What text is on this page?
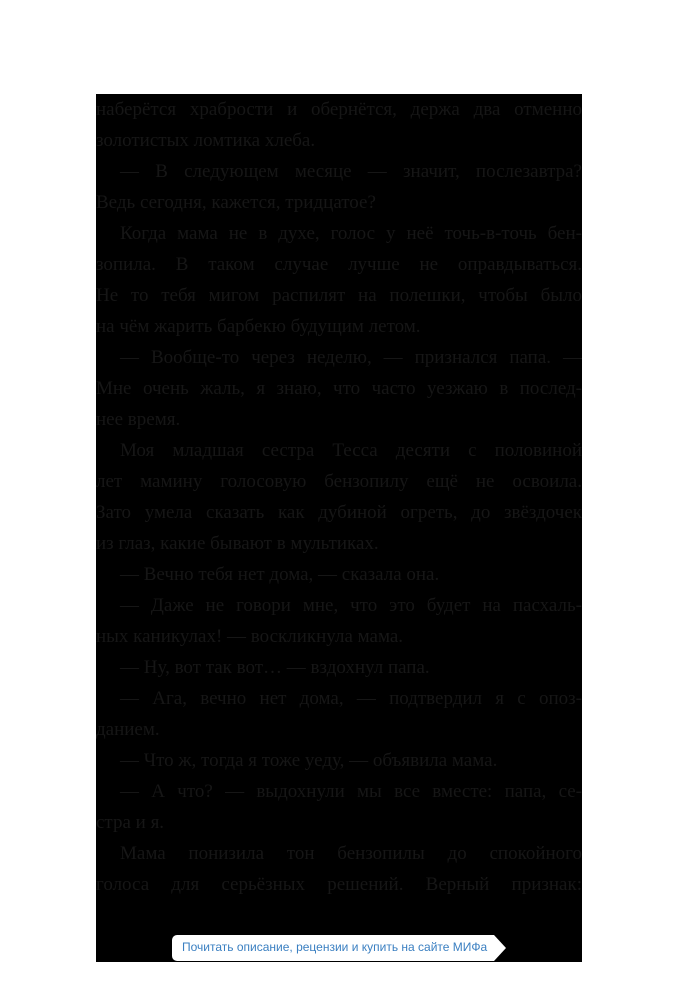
наберётся храбрости и обернётся, держа два отменно
золотистых ломтика хлеба.
— В следующем месяце — значит, послезавтра?
Ведь сегодня, кажется, тридцатое?
Когда мама не в духе, голос у неё точь-в-точь бен-
зопила. В таком случае лучше не оправдываться.
Не то тебя мигом распилят на полешки, чтобы было
на чём жарить барбекю будущим летом.
— Вообще-то через неделю, — признался папа. —
Мне очень жаль, я знаю, что часто уезжаю в послед-
нее время.
Моя младшая сестра Тесса десяти с половиной
лет мамину голосовую бензопилу ещё не освоила.
Зато умела сказать как дубиной огреть, до звёздочек
из глаз, какие бывают в мультиках.
— Вечно тебя нет дома, — сказала она.
— Даже не говори мне, что это будет на пасхаль-
ных каникулах! — воскликнула мама.
— Ну, вот так вот… — вздохнул папа.
— Ага, вечно нет дома, — подтвердил я с опоз-
данием.
— Что ж, тогда я тоже уеду, — объявила мама.
— А что? — выдохнули мы все вместе: папа, се-
стра и я.
Мама понизила тон бензопилы до спокойного
голоса для серьёзных решений. Верный признак:
Почитать описание, рецензии и купить на сайте МИФа
